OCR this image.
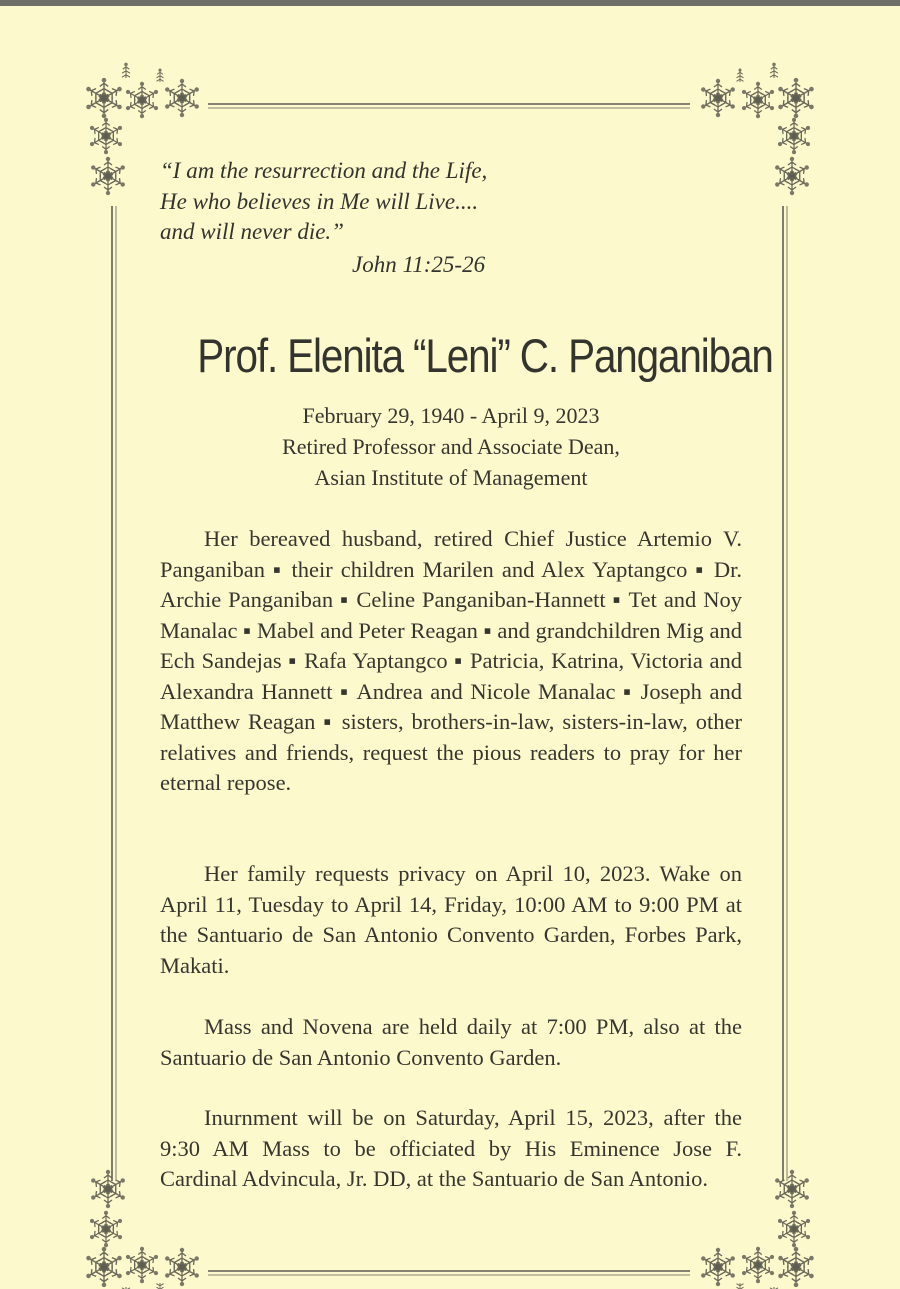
“I am the resurrection and the Life,
He who believes in Me will Live....
and will never die.”
John 11:25-26
Prof. Elenita “Leni” C. Panganiban
February 29, 1940 - April 9, 2023
Retired Professor and Associate Dean,
Asian Institute of Management
Her bereaved husband, retired Chief Justice Artemio V. Panganiban ▪ their children Marilen and Alex Yaptangco ▪ Dr. Archie Panganiban ▪ Celine Panganiban-Hannett ▪ Tet and Noy Manalac ▪ Mabel and Peter Reagan ▪ and grandchildren Mig and Ech Sandejas ▪ Rafa Yaptangco ▪ Patricia, Katrina, Victoria and Alexandra Hannett ▪ Andrea and Nicole Manalac ▪ Joseph and Matthew Reagan ▪ sisters, brothers-in-law, sisters-in-law, other relatives and friends, request the pious readers to pray for her eternal repose.
Her family requests privacy on April 10, 2023. Wake on April 11, Tuesday to April 14, Friday, 10:00 AM to 9:00 PM at the Santuario de San Antonio Convento Garden, Forbes Park, Makati.
Mass and Novena are held daily at 7:00 PM, also at the Santuario de San Antonio Convento Garden.
Inurnment will be on Saturday, April 15, 2023, after the 9:30 AM Mass to be officiated by His Eminence Jose F. Cardinal Advincula, Jr. DD, at the Santuario de San Antonio.
